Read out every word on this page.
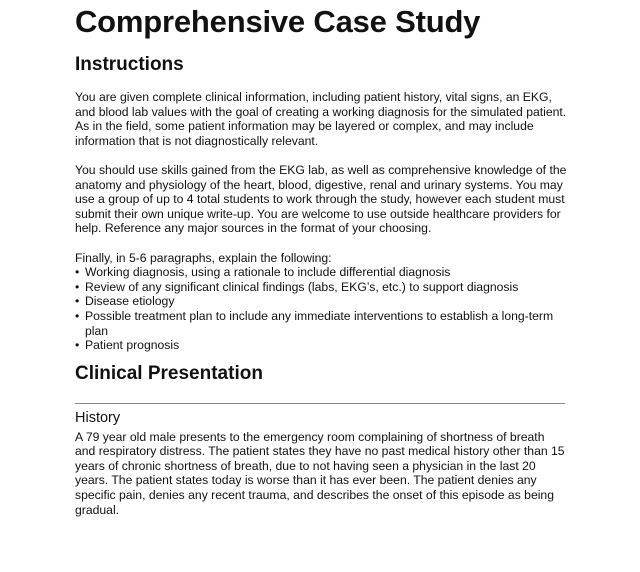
Comprehensive Case Study
Instructions

You are given complete clinical information, including patient history, vital signs, an EKG, and blood lab values with the goal of creating a working diagnosis for the simulated patient. As in the field, some patient information may be layered or complex, and may include information that is not diagnostically relevant.

You should use skills gained from the EKG lab, as well as comprehensive knowledge of the anatomy and physiology of the heart, blood, digestive, renal and urinary systems. You may use a group of up to 4 total students to work through the study, however each student must submit their own unique write-up. You are welcome to use outside healthcare providers for help. Reference any major sources in the format of your choosing.

Finally, in 5-6 paragraphs, explain the following:

• Working diagnosis, using a rationale to include differential diagnosis
• Review of any significant clinical findings (labs, EKG’s, etc.) to support diagnosis
• Disease etiology
• Possible treatment plan to include any immediate interventions to establish a long-term plan
• Patient prognosis
Clinical Presentation
History

A 79 year old male presents to the emergency room complaining of shortness of breath and respiratory distress. The patient states they have no past medical history other than 15 years of chronic shortness of breath, due to not having seen a physician in the last 20 years. The patient states today is worse than it has ever been. The patient denies any specific pain, denies any recent trauma, and describes the onset of this episode as being gradual.
